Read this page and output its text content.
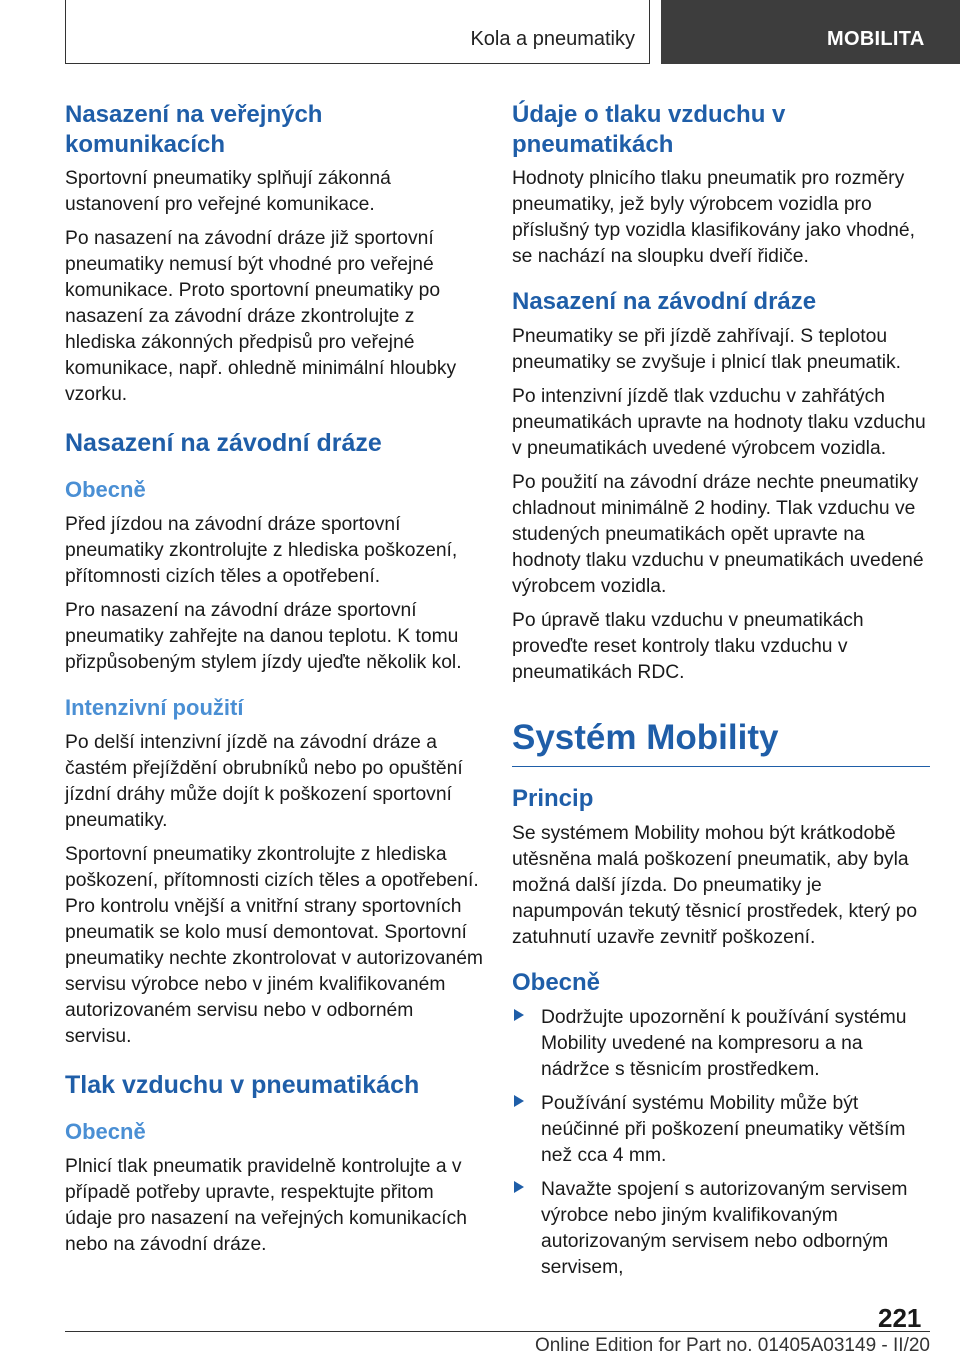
Kola a pneumatiky	MOBILITA
Nasazení na veřejných komunikacích

Sportovní pneumatiky splňují zákonná ustanovení pro veřejné komunikace.

Po nasazení na závodní dráze již sportovní pneumatiky nemusí být vhodné pro veřejné komunikace. Proto sportovní pneumatiky po nasazení za závodní dráze zkontrolujte z hlediska zákonných předpisů pro veřejné komunikace, např. ohledně minimální hloubky vzorku.

Nasazení na závodní dráze
Obecně

Před jízdou na závodní dráze sportovní pneumatiky zkontrolujte z hlediska poškození, přítomnosti cizích těles a opotřebení.

Pro nasazení na závodní dráze sportovní pneumatiky zahřejte na danou teplotu. K tomu přizpůsobeným stylem jízdy ujeďte několik kol.

Intenzivní použití

Po delší intenzivní jízdě na závodní dráze a častém přejíždění obrubníků nebo po opuštění jízdní dráhy může dojít k poškození sportovní pneumatiky.

Sportovní pneumatiky zkontrolujte z hlediska poškození, přítomnosti cizích těles a opotřebení. Pro kontrolu vnější a vnitřní strany sportovních pneumatik se kolo musí demontovat. Sportovní pneumatiky nechte zkontrolovat v autorizovaném servisu výrobce nebo v jiném kvalifikovaném autorizovaném servisu nebo v odborném servisu.

Tlak vzduchu v pneumatikách
Obecně

Plnicí tlak pneumatik pravidelně kontrolujte a v případě potřeby upravte, respektujte přitom údaje pro nasazení na veřejných komunikacích nebo na závodní dráze.

Údaje o tlaku vzduchu v pneumatikách

Hodnoty plnicího tlaku pneumatik pro rozměry pneumatiky, jež byly výrobcem vozidla pro příslušný typ vozidla klasifikovány jako vhodné, se nachází na sloupku dveří řidiče.

Nasazení na závodní dráze

Pneumatiky se při jízdě zahřívají. S teplotou pneumatiky se zvyšuje i plnicí tlak pneumatik.

Po intenzivní jízdě tlak vzduchu v zahřátých pneumatikách upravte na hodnoty tlaku vzduchu v pneumatikách uvedené výrobcem vozidla.

Po použití na závodní dráze nechte pneumatiky chladnout minimálně 2 hodiny. Tlak vzduchu ve studených pneumatikách opět upravte na hodnoty tlaku vzduchu v pneumatikách uvedené výrobcem vozidla.

Po úpravě tlaku vzduchu v pneumatikách proveďte reset kontroly tlaku vzduchu v pneumatikách RDC.

Systém Mobility
Princip

Se systémem Mobility mohou být krátkodobě utěsněna malá poškození pneumatik, aby byla možná další jízda. Do pneumatiky je napumpován tekutý těsnicí prostředek, který po zatuhnutí uzavře zevnitř poškození.

Obecně
Dodržujte upozornění k používání systému Mobility uvedené na kompresoru a na nádržce s těsnicím prostředkem.
Používání systému Mobility může být neúčinné při poškození pneumatiky větším než cca 4 mm.
Navažte spojení s autorizovaným servisem výrobce nebo jiným kvalifikovaným autorizovaným servisem nebo odborným servisem,
221
Online Edition for Part no. 01405A03149 - II/20
